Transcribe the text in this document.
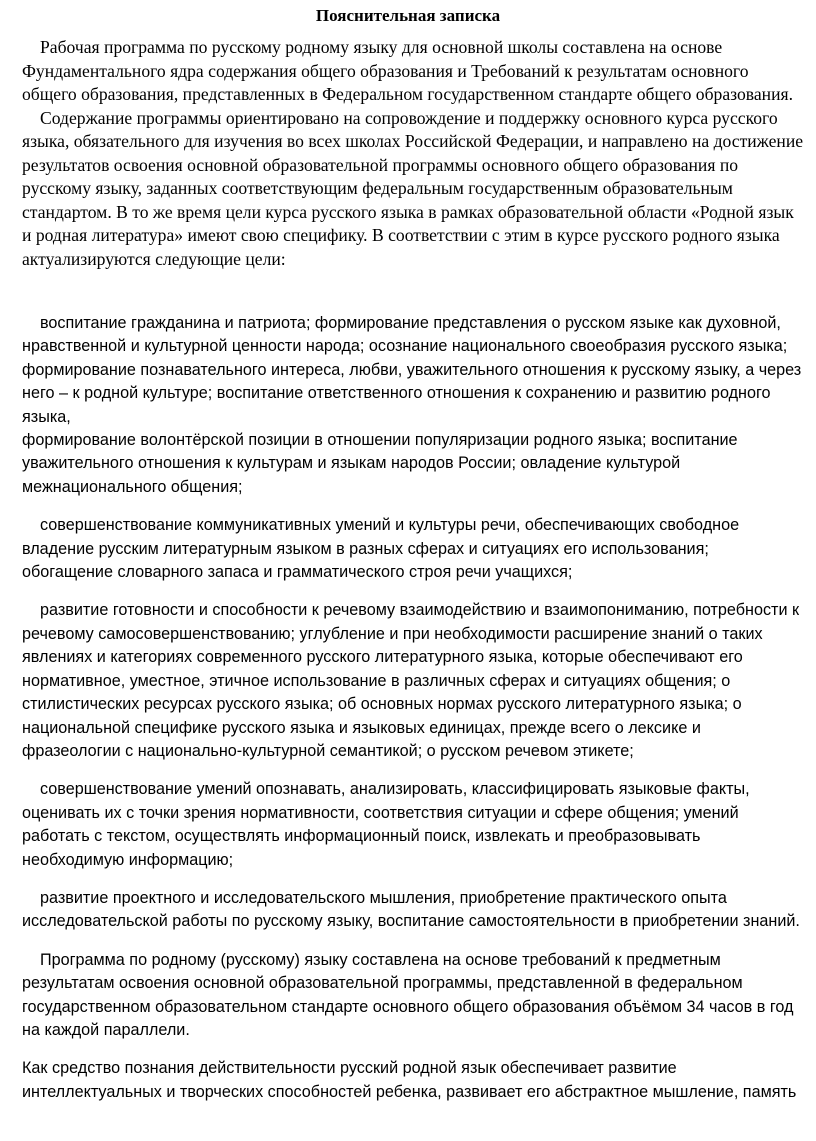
Пояснительная записка

Рабочая программа по русскому родному языку для основной школы составлена на основе Фундаментального ядра содержания общего образования и Требований к результатам основного общего образования, представленных в Федеральном государственном стандарте общего образования.

Содержание программы ориентировано на сопровождение и поддержку основного курса русского языка, обязательного для изучения во всех школах Российской Федерации, и направлено на достижение результатов освоения основной образовательной программы основного общего образования по русскому языку, заданных соответствующим федеральным государственным образовательным стандартом. В то же время цели курса русского языка в рамках образовательной области «Родной язык и родная литература» имеют свою специфику. В соответствии с этим в курсе русского родного языка актуализируются следующие цели:

воспитание гражданина и патриота; формирование представления о русском языке как духовной, нравственной и культурной ценности народа; осознание национального своеобразия русского языка; формирование познавательного интереса, любви, уважительного отношения к русскому языку, а через него – к родной культуре; воспитание ответственного отношения к сохранению и развитию родного языка,

формирование волонтёрской позиции в отношении популяризации родного языка; воспитание уважительного отношения к культурам и языкам народов России; овладение культурой межнационального общения;

совершенствование коммуникативных умений и культуры речи, обеспечивающих свободное владение русским литературным языком в разных сферах и ситуациях его использования; обогащение словарного запаса и грамматического строя речи учащихся;

развитие готовности и способности к речевому взаимодействию и взаимопониманию, потребности к речевому самосовершенствованию; углубление и при необходимости расширение знаний о таких явлениях и категориях современного русского литературного языка, которые обеспечивают его нормативное, уместное, этичное использование в различных сферах и ситуациях общения; о стилистических ресурсах русского языка; об основных нормах русского литературного языка; о национальной специфике русского языка и языковых единицах, прежде всего о лексике и фразеологии с национально-культурной семантикой; о русском речевом этикете;

совершенствование умений опознавать, анализировать, классифицировать языковые факты, оценивать их с точки зрения нормативности, соответствия ситуации и сфере общения; умений работать с текстом, осуществлять информационный поиск, извлекать и преобразовывать необходимую информацию;

развитие проектного и исследовательского мышления, приобретение практического опыта исследовательской работы по русскому языку, воспитание самостоятельности в приобретении знаний.

Программа по родному (русскому) языку составлена на основе требований к предметным результатам освоения основной образовательной программы, представленной в федеральном государственном образовательном стандарте основного общего образования объёмом 34 часов в год на каждой параллели.

Как средство познания действительности русский родной язык обеспечивает развитие интеллектуальных и творческих способностей ребенка, развивает его абстрактное мышление, память
